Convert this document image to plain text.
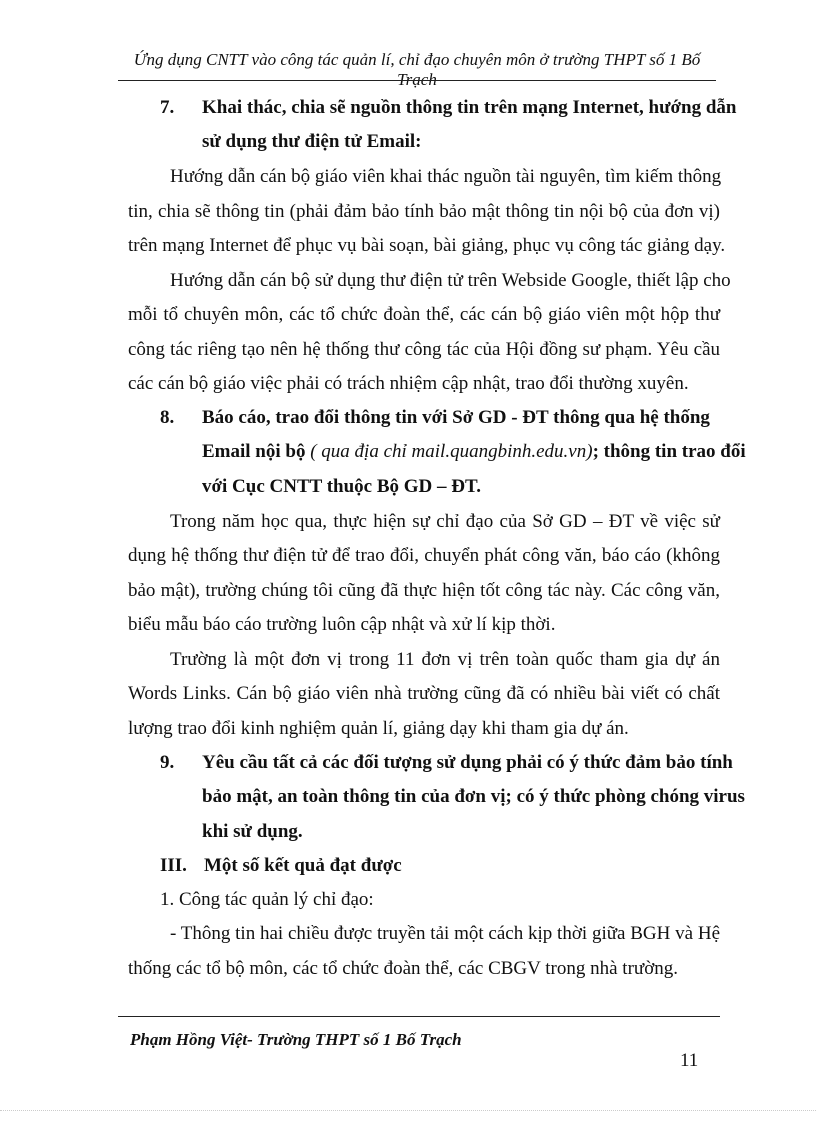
Ứng dụng CNTT vào công tác quản lí, chỉ đạo chuyên môn ở trường THPT số 1 Bố Trạch
7. Khai thác, chia sẽ nguồn thông tin trên mạng Internet, hướng dẫn
sử dụng thư điện tử Email:
Hướng dẫn cán bộ giáo viên khai thác nguồn tài nguyên, tìm kiếm thông
tin, chia sẽ thông tin (phải đảm bảo tính bảo mật thông tin nội bộ của đơn vị)
trên mạng Internet để phục vụ bài soạn, bài giảng, phục vụ công tác giảng dạy.
Hướng dẫn cán bộ sử dụng thư điện tử trên Webside Google, thiết lập cho
mỗi tổ chuyên môn, các tổ chức đoàn thể, các cán bộ giáo viên một hộp thư
công tác riêng tạo nên hệ thống thư công tác của Hội đồng sư phạm. Yêu cầu
các cán bộ giáo việc phải có trách nhiệm cập nhật, trao đổi thường xuyên.
8. Báo cáo, trao đổi thông tin với Sở GD - ĐT thông qua hệ thống
Email nội bộ ( qua địa chỉ mail.quangbinh.edu.vn); thông tin trao đổi
với Cục CNTT thuộc Bộ GD – ĐT.
Trong năm học qua, thực hiện sự chỉ đạo của Sở GD – ĐT về việc sử
dụng hệ thống thư điện tử để trao đổi, chuyển phát công văn, báo cáo (không
bảo mật), trường chúng tôi cũng đã thực hiện tốt công tác này. Các công văn,
biểu mẫu báo cáo trường luôn cập nhật và xử lí kịp thời.
Trường là một đơn vị trong 11 đơn vị trên toàn quốc tham gia dự án
Words Links. Cán bộ giáo viên nhà trường cũng đã có nhiều bài viết có chất
lượng trao đổi kinh nghiệm quản lí, giảng dạy khi tham gia dự án.
9. Yêu cầu tất cả các đối tượng sử dụng phải có ý thức đảm bảo tính
bảo mật, an toàn thông tin của đơn vị; có ý thức phòng chóng virus
khi sử dụng.
III. Một số kết quả đạt được
1. Công tác quản lý chỉ đạo:
- Thông tin hai chiều được truyền tải một cách kịp thời giữa BGH và Hệ
thống các tổ bộ môn, các tổ chức đoàn thể, các CBGV trong nhà trường.
Phạm Hồng Việt- Trường THPT số 1 Bố Trạch
11
